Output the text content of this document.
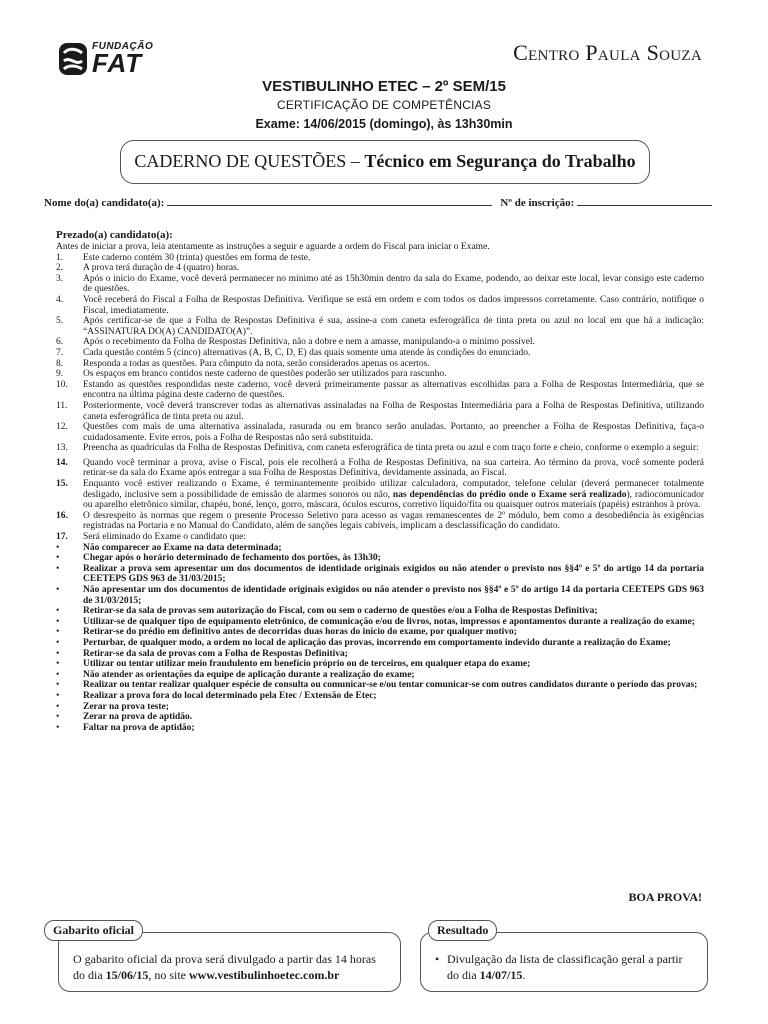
FUNDAÇÃO
FAT	Centro Paula Souza
VESTIBULINHO ETEC – 2º SEM/15
CERTIFICAÇÃO DE COMPETÊNCIAS
Exame: 14/06/2015 (domingo), às 13h30min
CADERNO DE QUESTÕES – Técnico em Segurança do Trabalho
Nome do(a) candidato(a):	Nº de inscrição:
Prezado(a) candidato(a):
Antes de iniciar a prova, leia atentamente as instruções a seguir e aguarde a ordem do Fiscal para iniciar o Exame.
1.	Este caderno contém 30 (trinta) questões em forma de teste.
2.	A prova terá duração de 4 (quatro) horas.
3.	Após o início do Exame, você deverá permanecer no mínimo até as 15h30min dentro da sala do Exame, podendo, ao deixar este local, levar consigo este caderno de questões.
4.	Você receberá do Fiscal a Folha de Respostas Definitiva. Verifique se está em ordem e com todos os dados impressos corretamente. Caso contrário, notifique o Fiscal, imediatamente.
5.	Após certificar-se de que a Folha de Respostas Definitiva é sua, assine-a com caneta esferográfica de tinta preta ou azul no local em que há a indicação: “ASSINATURA DO(A) CANDIDATO(A)”.
6.	Após o recebimento da Folha de Respostas Definitiva, não a dobre e nem a amasse, manipulando-a o mínimo possível.
7.	Cada questão contém 5 (cinco) alternativas (A, B, C, D, E) das quais somente uma atende às condições do enunciado.
8.	Responda a todas as questões. Para cômputo da nota, serão considerados apenas os acertos.
9.	Os espaços em branco contidos neste caderno de questões poderão ser utilizados para rascunho.
10.	Estando as questões respondidas neste caderno, você deverá primeiramente passar as alternativas escolhidas para a Folha de Respostas Intermediária, que se encontra na última página deste caderno de questões.
11.	Posteriormente, você deverá transcrever todas as alternativas assinaladas na Folha de Respostas Intermediária para a Folha de Respostas Definitiva, utilizando caneta esferográfica de tinta preta ou azul.
12.	Questões com mais de uma alternativa assinalada, rasurada ou em branco serão anuladas. Portanto, ao preencher a Folha de Respostas Definitiva, faça-o cuidadosamente. Evite erros, pois a Folha de Respostas não será substituída.
13.	Preencha as quadrículas da Folha de Respostas Definitiva, com caneta esferográfica de tinta preta ou azul e com traço forte e cheio, conforme o exemplo a seguir:
14.	Quando você terminar a prova, avise o Fiscal, pois ele recolherá a Folha de Respostas Definitiva, na sua carteira. Ao término da prova, você somente poderá retirar-se da sala do Exame após entregar a sua Folha de Respostas Definitiva, devidamente assinada, ao Fiscal.
15.	Enquanto você estiver realizando o Exame, é terminantemente proibido utilizar calculadora, computador, telefone celular (deverá permanecer totalmente desligado, inclusive sem a possibilidade de emissão de alarmes sonoros ou não, nas dependências do prédio onde o Exame será realizado), radiocomunicador ou aparelho eletrônico similar, chapéu, boné, lenço, gorro, máscara, óculos escuros, corretivo líquido/fita ou quaisquer outros materiais (papéis) estranhos à prova.
16.	O desrespeito às normas que regem o presente Processo Seletivo para acesso as vagas remanescentes de 2º módulo, bem como a desobediência às exigências registradas na Portaria e no Manual do Candidato, além de sanções legais cabíveis, implicam a desclassificação do candidato.
17.	Será eliminado do Exame o candidato que:
•	Não comparecer ao Exame na data determinada;
•	Chegar após o horário determinado de fechamento dos portões, às 13h30;
•	Realizar a prova sem apresentar um dos documentos de identidade originais exigidos ou não atender o previsto nos §§4º e 5º do artigo 14 da portaria CEETEPS GDS 963 de 31/03/2015;
•	Não apresentar um dos documentos de identidade originais exigidos ou não atender o previsto nos §§4º e 5º do artigo 14 da portaria CEETEPS GDS 963 de 31/03/2015;
•	Retirar-se da sala de provas sem autorização do Fiscal, com ou sem o caderno de questões e/ou a Folha de Respostas Definitiva;
•	Utilizar-se de qualquer tipo de equipamento eletrônico, de comunicação e/ou de livros, notas, impressos e apontamentos durante a realização do exame;
•	Retirar-se do prédio em definitivo antes de decorridas duas horas do início do exame, por qualquer motivo;
•	Perturbar, de qualquer modo, a ordem no local de aplicação das provas, incorrendo em comportamento indevido durante a realização do Exame;
•	Retirar-se da sala de provas com a Folha de Respostas Definitiva;
•	Utilizar ou tentar utilizar meio fraudulento em benefício próprio ou de terceiros, em qualquer etapa do exame;
•	Não atender as orientações da equipe de aplicação durante a realização do exame;
•	Realizar ou tentar realizar qualquer espécie de consulta ou comunicar-se e/ou tentar comunicar-se com outros candidatos durante o período das provas;
•	Realizar a prova fora do local determinado pela Etec / Extensão de Etec;
•	Zerar na prova teste;
•	Zerar na prova de aptidão.
•	Faltar na prova de aptidão;
BOA PROVA!
O gabarito oficial da prova será divulgado a partir das 14 horas do dia 15/06/15, no site www.vestibulinhoetec.com.br
Gabarito oficial
• Divulgação da lista de classificação geral a partir do dia 14/07/15.
Resultado
